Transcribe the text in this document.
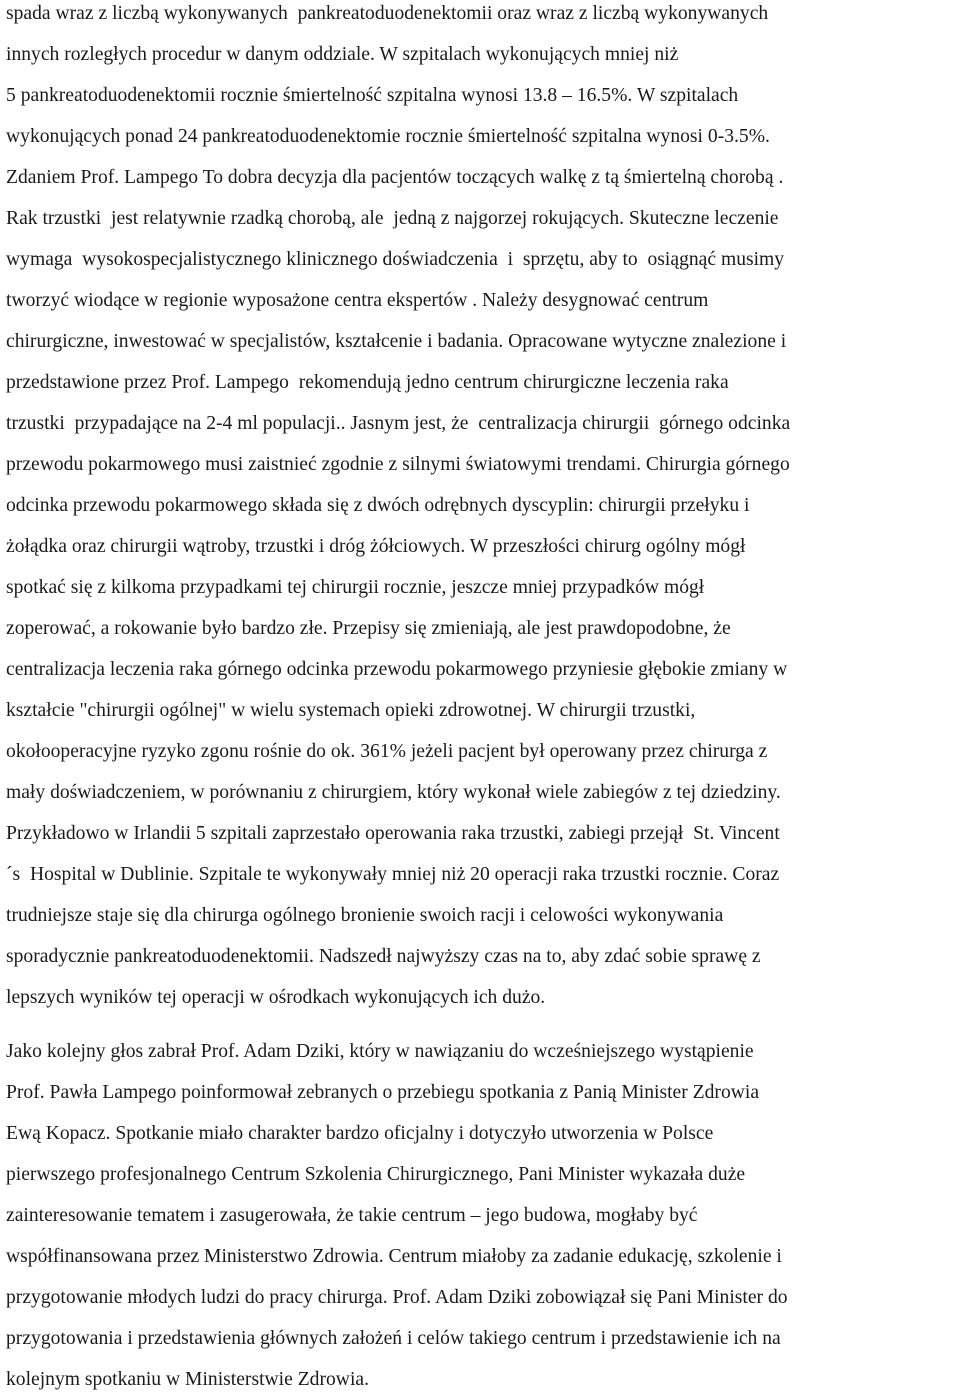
spada wraz z liczbą wykonywanych  pankreatoduodenektomii oraz wraz z liczbą wykonywanych

innych rozległych procedur w danym oddziale. W szpitalach wykonujących mniej niż

5 pankreatoduodenektomii rocznie śmiertelność szpitalna wynosi 13.8 – 16.5%. W szpitalach

wykonujących ponad 24 pankreatoduodenektomie rocznie śmiertelność szpitalna wynosi 0-3.5%.

Zdaniem Prof. Lampego To dobra decyzja dla pacjentów toczących walkę z tą śmiertelną chorobą .

Rak trzustki  jest relatywnie rzadką chorobą, ale  jedną z najgorzej rokujących. Skuteczne leczenie

wymaga  wysokospecjalistycznego klinicznego doświadczenia  i  sprzętu, aby to  osiągnąć musimy

tworzyć wiodące w regionie wyposażone centra ekspertów . Należy desygnować centrum

chirurgiczne, inwestować w specjalistów, kształcenie i badania. Opracowane wytyczne znalezione i

przedstawione przez Prof. Lampego  rekomendują jedno centrum chirurgiczne leczenia raka

trzustki  przypadające na 2-4 ml populacji.. Jasnym jest, że  centralizacja chirurgii  górnego odcinka

przewodu pokarmowego musi zaistnieć zgodnie z silnymi światowymi trendami. Chirurgia górnego

odcinka przewodu pokarmowego składa się z dwóch odrębnych dyscyplin: chirurgii przełyku i

żołądka oraz chirurgii wątroby, trzustki i dróg żółciowych. W przeszłości chirurg ogólny mógł

spotkać się z kilkoma przypadkami tej chirurgii rocznie, jeszcze mniej przypadków mógł

zoperować, a rokowanie było bardzo złe. Przepisy się zmieniają, ale jest prawdopodobne, że

centralizacja leczenia raka górnego odcinka przewodu pokarmowego przyniesie głębokie zmiany w

kształcie "chirurgii ogólnej" w wielu systemach opieki zdrowotnej. W chirurgii trzustki,

okołooperacyjne ryzyko zgonu rośnie do ok. 361% jeżeli pacjent był operowany przez chirurga z

mały doświadczeniem, w porównaniu z chirurgiem, który wykonał wiele zabiegów z tej dziedziny.

Przykładowo w Irlandii 5 szpitali zaprzestało operowania raka trzustki, zabiegi przejął  St. Vincent

´s  Hospital w Dublinie. Szpitale te wykonywały mniej niż 20 operacji raka trzustki rocznie. Coraz

trudniejsze staje się dla chirurga ogólnego bronienie swoich racji i celowości wykonywania

sporadycznie pankreatoduodenektomii. Nadszedł najwyższy czas na to, aby zdać sobie sprawę z

lepszych wyników tej operacji w ośrodkach wykonujących ich dużo.

Jako kolejny głos zabrał Prof. Adam Dziki, który w nawiązaniu do wcześniejszego wystąpienie

Prof. Pawła Lampego poinformował zebranych o przebiegu spotkania z Panią Minister Zdrowia

Ewą Kopacz. Spotkanie miało charakter bardzo oficjalny i dotyczyło utworzenia w Polsce

pierwszego profesjonalnego Centrum Szkolenia Chirurgicznego, Pani Minister wykazała duże

zainteresowanie tematem i zasugerowała, że takie centrum – jego budowa, mogłaby być

współfinansowana przez Ministerstwo Zdrowia. Centrum miałoby za zadanie edukację, szkolenie i

przygotowanie młodych ludzi do pracy chirurga. Prof. Adam Dziki zobowiązał się Pani Minister do

przygotowania i przedstawienia głównych założeń i celów takiego centrum i przedstawienie ich na

kolejnym spotkaniu w Ministerstwie Zdrowia.
